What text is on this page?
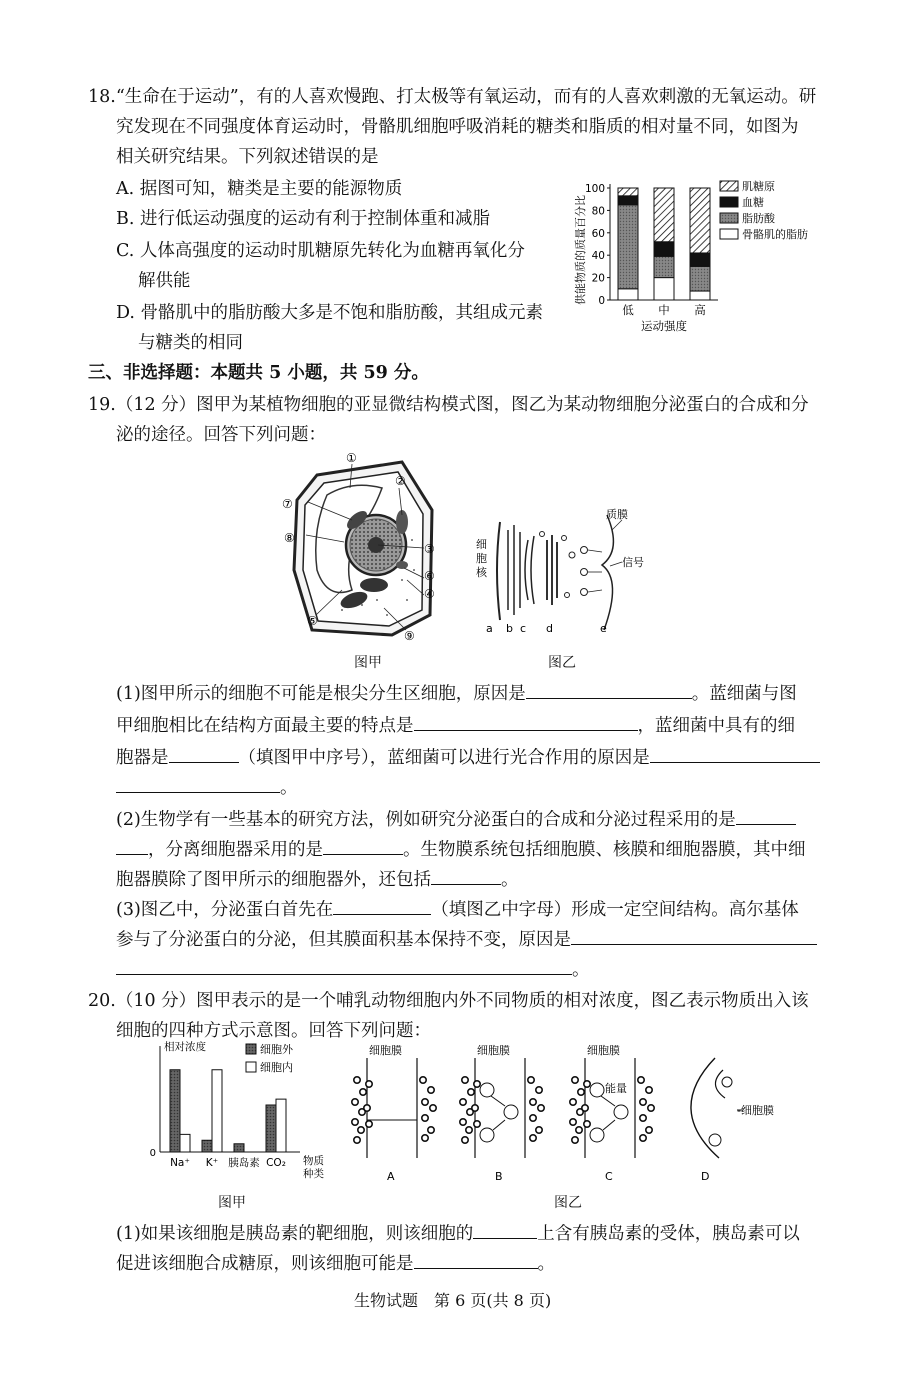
18.“生命在于运动”，有的人喜欢慢跑、打太极等有氧运动，而有的人喜欢刺激的无氧运动。研
究发现在不同强度体育运动时，骨骼肌细胞呼吸消耗的糖类和脂质的相对量不同，如图为
相关研究结果。下列叙述错误的是
A. 据图可知，糖类是主要的能源物质
B. 进行低运动强度的运动有利于控制体重和减脂
C. 人体高强度的运动时肌糖原先转化为血糖再氧化分
解供能
D. 骨骼肌中的脂肪酸大多是不饱和脂肪酸，其组成元素
与糖类的相同
供能物质的质量百分比 0
20
40
60
80
100
低 中 高
肌糖原
血糖
脂肪酸
骨骼肌的脂肪
运动强度
三、非选择题：本题共 5 小题，共 59 分。
19.（12 分）图甲为某植物细胞的亚显微结构模式图，图乙为某动物细胞分泌蛋白的合成和分
泌的途径。回答下列问题：
①
②
③
④
⑤
⑥
⑦
⑧
⑨
图甲
质膜
信号
a b c d	e
细
胞
核
图乙
(1)图甲所示的细胞不可能是根尖分生区细胞，原因是	。蓝细菌与图
甲细胞相比在结构方面最主要的特点是	，蓝细菌中具有的细
胞器是	（填图甲中序号），蓝细菌可以进行光合作用的原因是
。
(2)生物学有一些基本的研究方法，例如研究分泌蛋白的合成和分泌过程采用的是
，分离细胞器采用的是	。生物膜系统包括细胞膜、核膜和细胞器膜，其中细
胞器膜除了图甲所示的细胞器外，还包括	。
(3)图乙中，分泌蛋白首先在	（填图乙中字母）形成一定空间结构。高尔基体
参与了分泌蛋白的分泌，但其膜面积基本保持不变，原因是
。
20.（10 分）图甲表示的是一个哺乳动物细胞内外不同物质的相对浓度，图乙表示物质出入该
细胞的四种方式示意图。回答下列问题：
相对浓度
0
Na⁺ K⁺ 胰岛素 CO₂ 物质
种类
细胞外
细胞内
图甲
细胞膜
A
细胞膜
B
细胞膜
能量
C
-细胞膜
D
图乙
(1)如果该细胞是胰岛素的靶细胞，则该细胞的	上含有胰岛素的受体，胰岛素可以
促进该细胞合成糖原，则该细胞可能是	。
生物试题　第 6 页(共 8 页)
